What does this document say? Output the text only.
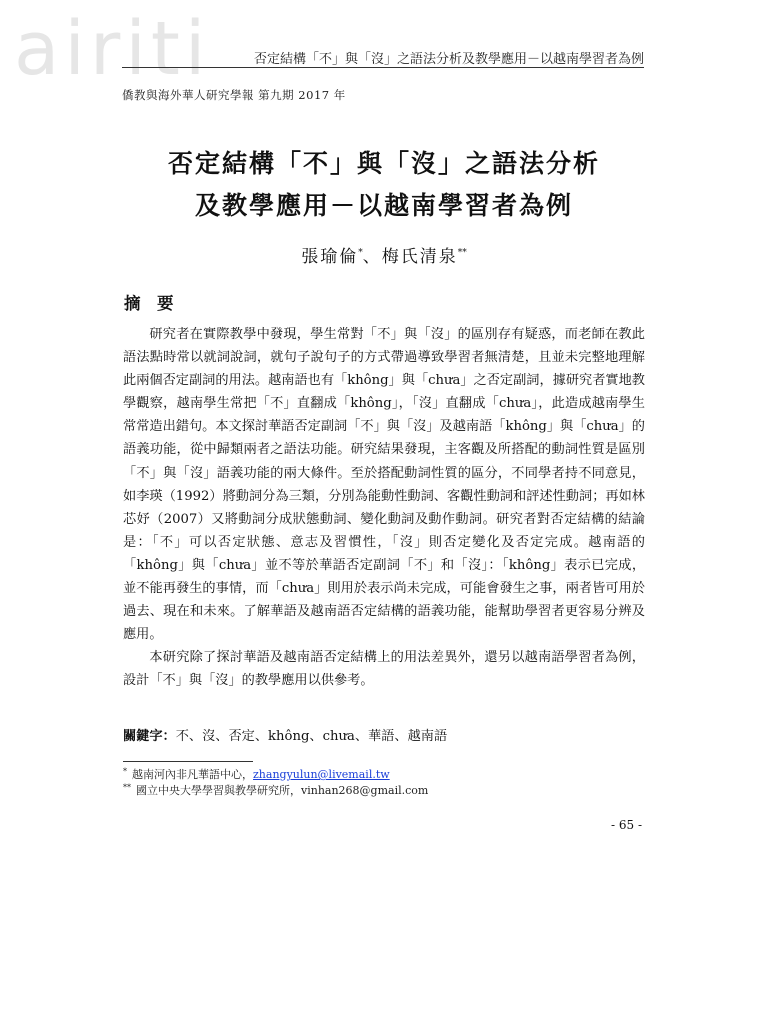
airiti	否定結構「不」與「沒」之語法分析及教學應用－以越南學習者為例
僑教與海外華人研究學報 第九期 2017 年
否定結構「不」與「沒」之語法分析
及教學應用－以越南學習者為例
張瑜倫*、梅氏清泉**
摘　要

研究者在實際教學中發現，學生常對「不」與「沒」的區別存有疑惑，而老師在教此語法點時常以就詞說詞，就句子說句子的方式帶過導致學習者無清楚，且並未完整地理解此兩個否定副詞的用法。越南語也有「không」與「chưa」之否定副詞，據研究者實地教學觀察，越南學生常把「不」直翻成「không」，「沒」直翻成「chưa」，此造成越南學生常常造出錯句。本文探討華語否定副詞「不」與「沒」及越南語「không」與「chưa」的語義功能，從中歸類兩者之語法功能。研究結果發現，主客觀及所搭配的動詞性質是區別「不」與「沒」語義功能的兩大條件。至於搭配動詞性質的區分，不同學者持不同意見，如李瑛（1992）將動詞分為三類，分別為能動性動詞、客觀性動詞和評述性動詞；再如林芯妤（2007）又將動詞分成狀態動詞、變化動詞及動作動詞。研究者對否定結構的結論是：「不」可以否定狀態、意志及習慣性，「沒」則否定變化及否定完成。越南語的「không」與「chưa」並不等於華語否定副詞「不」和「沒」：「không」表示已完成，並不能再發生的事情，而「chưa」則用於表示尚未完成，可能會發生之事，兩者皆可用於過去、現在和未來。了解華語及越南語否定結構的語義功能，能幫助學習者更容易分辨及應用。

本研究除了探討華語及越南語否定結構上的用法差異外，還另以越南語學習者為例，設計「不」與「沒」的教學應用以供參考。

關鍵字：不、沒、否定、không、chưa、華語、越南語
* 越南河內非凡華語中心，zhangyulun@livemail.tw
** 國立中央大學學習與教學研究所，vinhan268@gmail.com
- 65 -
